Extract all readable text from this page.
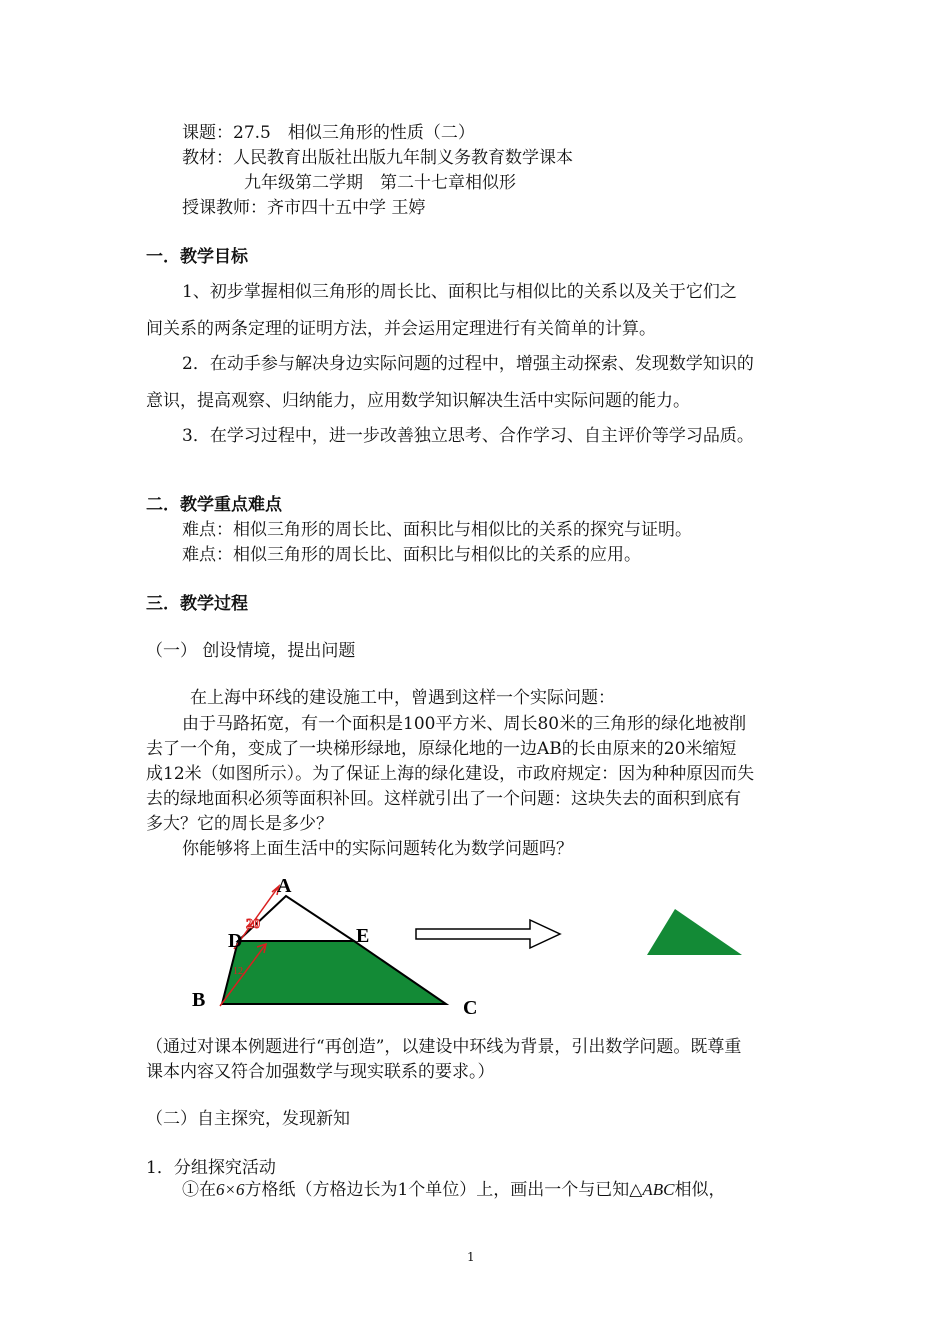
课题：27.5　相似三角形的性质（二）
教材：人民教育出版社出版九年制义务教育数学课本
九年级第二学期　第二十七章相似形
授课教师：齐市四十五中学 王婷
一．教学目标
1、初步掌握相似三角形的周长比、面积比与相似比的关系以及关于它们之
间关系的两条定理的证明方法，并会运用定理进行有关简单的计算。
2．在动手参与解决身边实际问题的过程中，增强主动探索、发现数学知识的
意识，提高观察、归纳能力，应用数学知识解决生活中实际问题的能力。
3．在学习过程中，进一步改善独立思考、合作学习、自主评价等学习品质。
二．教学重点难点
难点：相似三角形的周长比、面积比与相似比的关系的探究与证明。
难点：相似三角形的周长比、面积比与相似比的关系的应用。
三．教学过程
（一） 创设情境，提出问题
在上海中环线的建设施工中，曾遇到这样一个实际问题：
由于马路拓宽，有一个面积是100平方米、周长80米的三角形的绿化地被削
去了一个角，变成了一块梯形绿地，原绿化地的一边AB的长由原来的20米缩短
成12米（如图所示）。为了保证上海的绿化建设，市政府规定：因为种种原因而失
去的绿地面积必须等面积补回。这样就引出了一个问题：这块失去的面积到底有
多大？它的周长是多少？
你能够将上面生活中的实际问题转化为数学问题吗？
20
12
A
D	E
B	C
（通过对课本例题进行“再创造”，以建设中环线为背景，引出数学问题。既尊重
课本内容又符合加强数学与现实联系的要求。）
（二）自主探究，发现新知
1．分组探究活动
①在6×6方格纸（方格边长为1个单位）上，画出一个与已知△ABC相似，
1
